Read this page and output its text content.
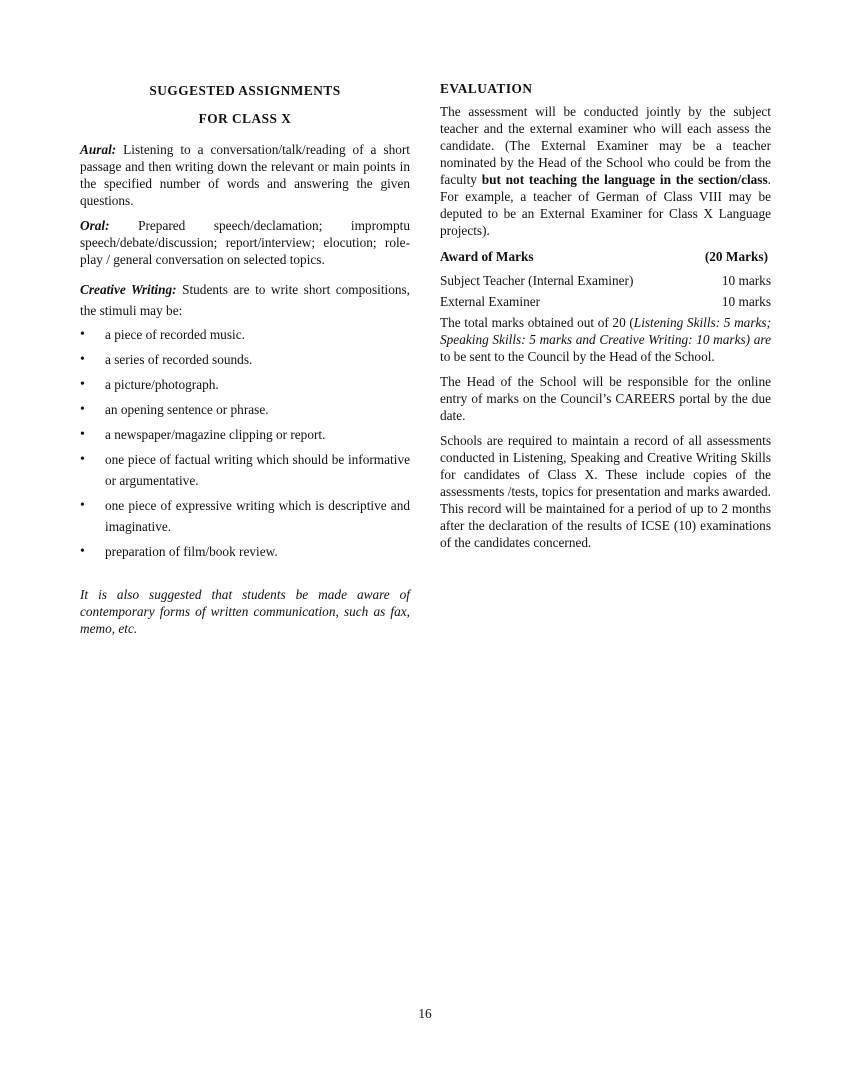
SUGGESTED ASSIGNMENTS
FOR CLASS X

Aural: Listening to a conversation/talk/reading of a short passage and then writing down the relevant or main points in the specified number of words and answering the given questions.

Oral: Prepared speech/declamation; impromptu speech/debate/discussion; report/interview; elocution; role-play / general conversation on selected topics.

Creative Writing: Students are to write short compositions, the stimuli may be:

• a piece of recorded music.
• a series of recorded sounds.
• a picture/photograph.
• an opening sentence or phrase.
• a newspaper/magazine clipping or report.
• one piece of factual writing which should be informative or argumentative.
• one piece of expressive writing which is descriptive and imaginative.
• preparation of film/book review.

It is also suggested that students be made aware of contemporary forms of written communication, such as fax, memo, etc.

EVALUATION

The assessment will be conducted jointly by the subject teacher and the external examiner who will each assess the candidate. (The External Examiner may be a teacher nominated by the Head of the School who could be from the faculty but not teaching the language in the section/class. For example, a teacher of German of Class VIII may be deputed to be an External Examiner for Class X Language projects).

Award of Marks	(20 Marks)
Subject Teacher (Internal Examiner)	10 marks
External Examiner	10 marks

The total marks obtained out of 20 (Listening Skills: 5 marks; Speaking Skills: 5 marks and Creative Writing: 10 marks) are to be sent to the Council by the Head of the School.

The Head of the School will be responsible for the online entry of marks on the Council’s CAREERS portal by the due date.

Schools are required to maintain a record of all assessments conducted in Listening, Speaking and Creative Writing Skills for candidates of Class X. These include copies of the assessments /tests, topics for presentation and marks awarded. This record will be maintained for a period of up to 2 months after the declaration of the results of ICSE (10) examinations of the candidates concerned.

16
